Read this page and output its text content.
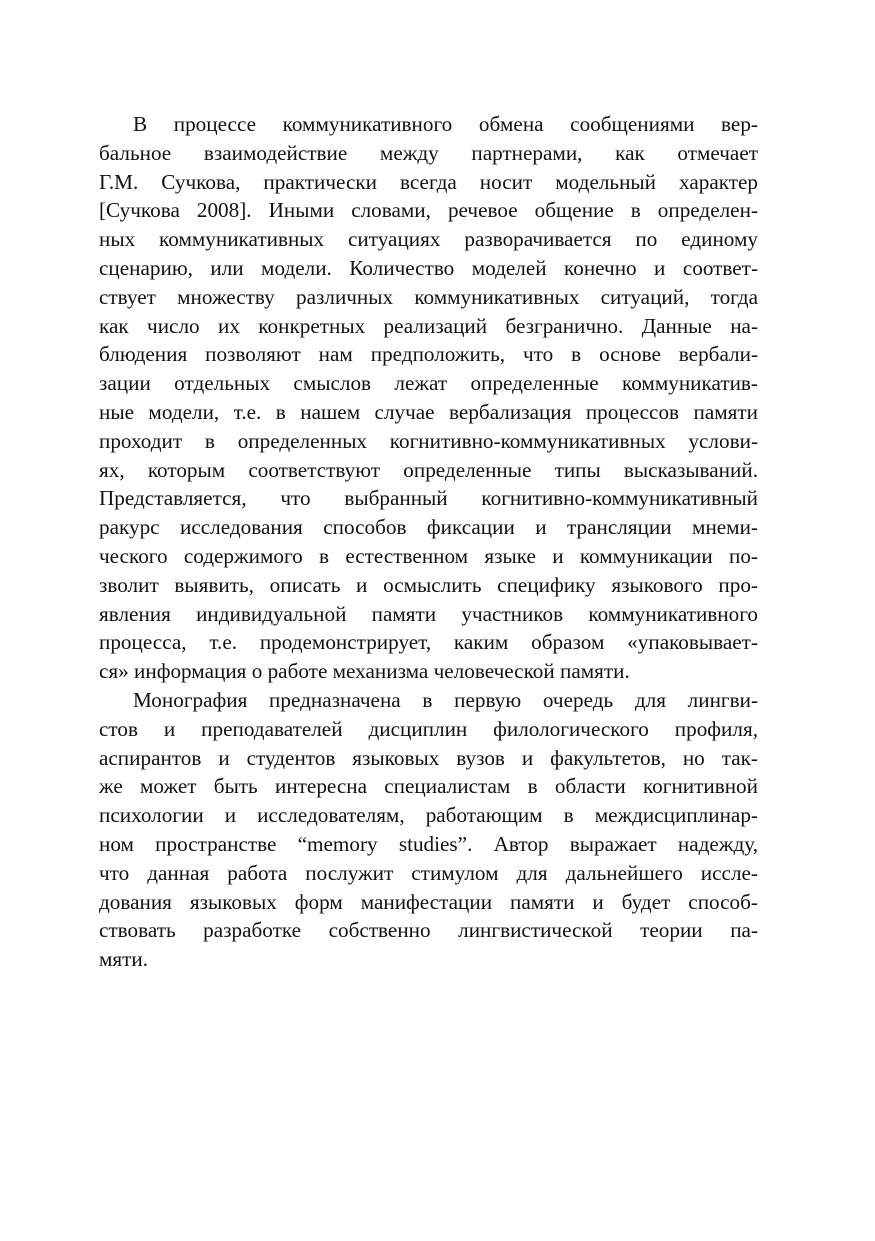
В процессе коммуникативного обмена сообщениями вер-
бальное взаимодействие между партнерами, как отмечает
Г.М. Сучкова, практически всегда носит модельный характер
[Сучкова 2008]. Иными словами, речевое общение в определен-
ных коммуникативных ситуациях разворачивается по единому
сценарию, или модели. Количество моделей конечно и соответ-
ствует множеству различных коммуникативных ситуаций, тогда
как число их конкретных реализаций безгранично. Данные на-
блюдения позволяют нам предположить, что в основе вербали-
зации отдельных смыслов лежат определенные коммуникатив-
ные модели, т.е. в нашем случае вербализация процессов памяти
проходит в определенных когнитивно-коммуникативных услови-
ях, которым соответствуют определенные типы высказываний.
Представляется, что выбранный когнитивно-коммуникативный
ракурс исследования способов фиксации и трансляции мнеми-
ческого содержимого в естественном языке и коммуникации по-
зволит выявить, описать и осмыслить специфику языкового про-
явления индивидуальной памяти участников коммуникативного
процесса, т.е. продемонстрирует, каким образом «упаковывает-
ся» информация о работе механизма человеческой памяти.

Монография предназначена в первую очередь для лингви-
стов и преподавателей дисциплин филологического профиля,
аспирантов и студентов языковых вузов и факультетов, но так-
же может быть интересна специалистам в области когнитивной
психологии и исследователям, работающим в междисциплинар-
ном пространстве “memory studies”. Автор выражает надежду,
что данная работа послужит стимулом для дальнейшего иссле-
дования языковых форм манифестации памяти и будет способ-
ствовать разработке собственно лингвистической теории па-
мяти.
